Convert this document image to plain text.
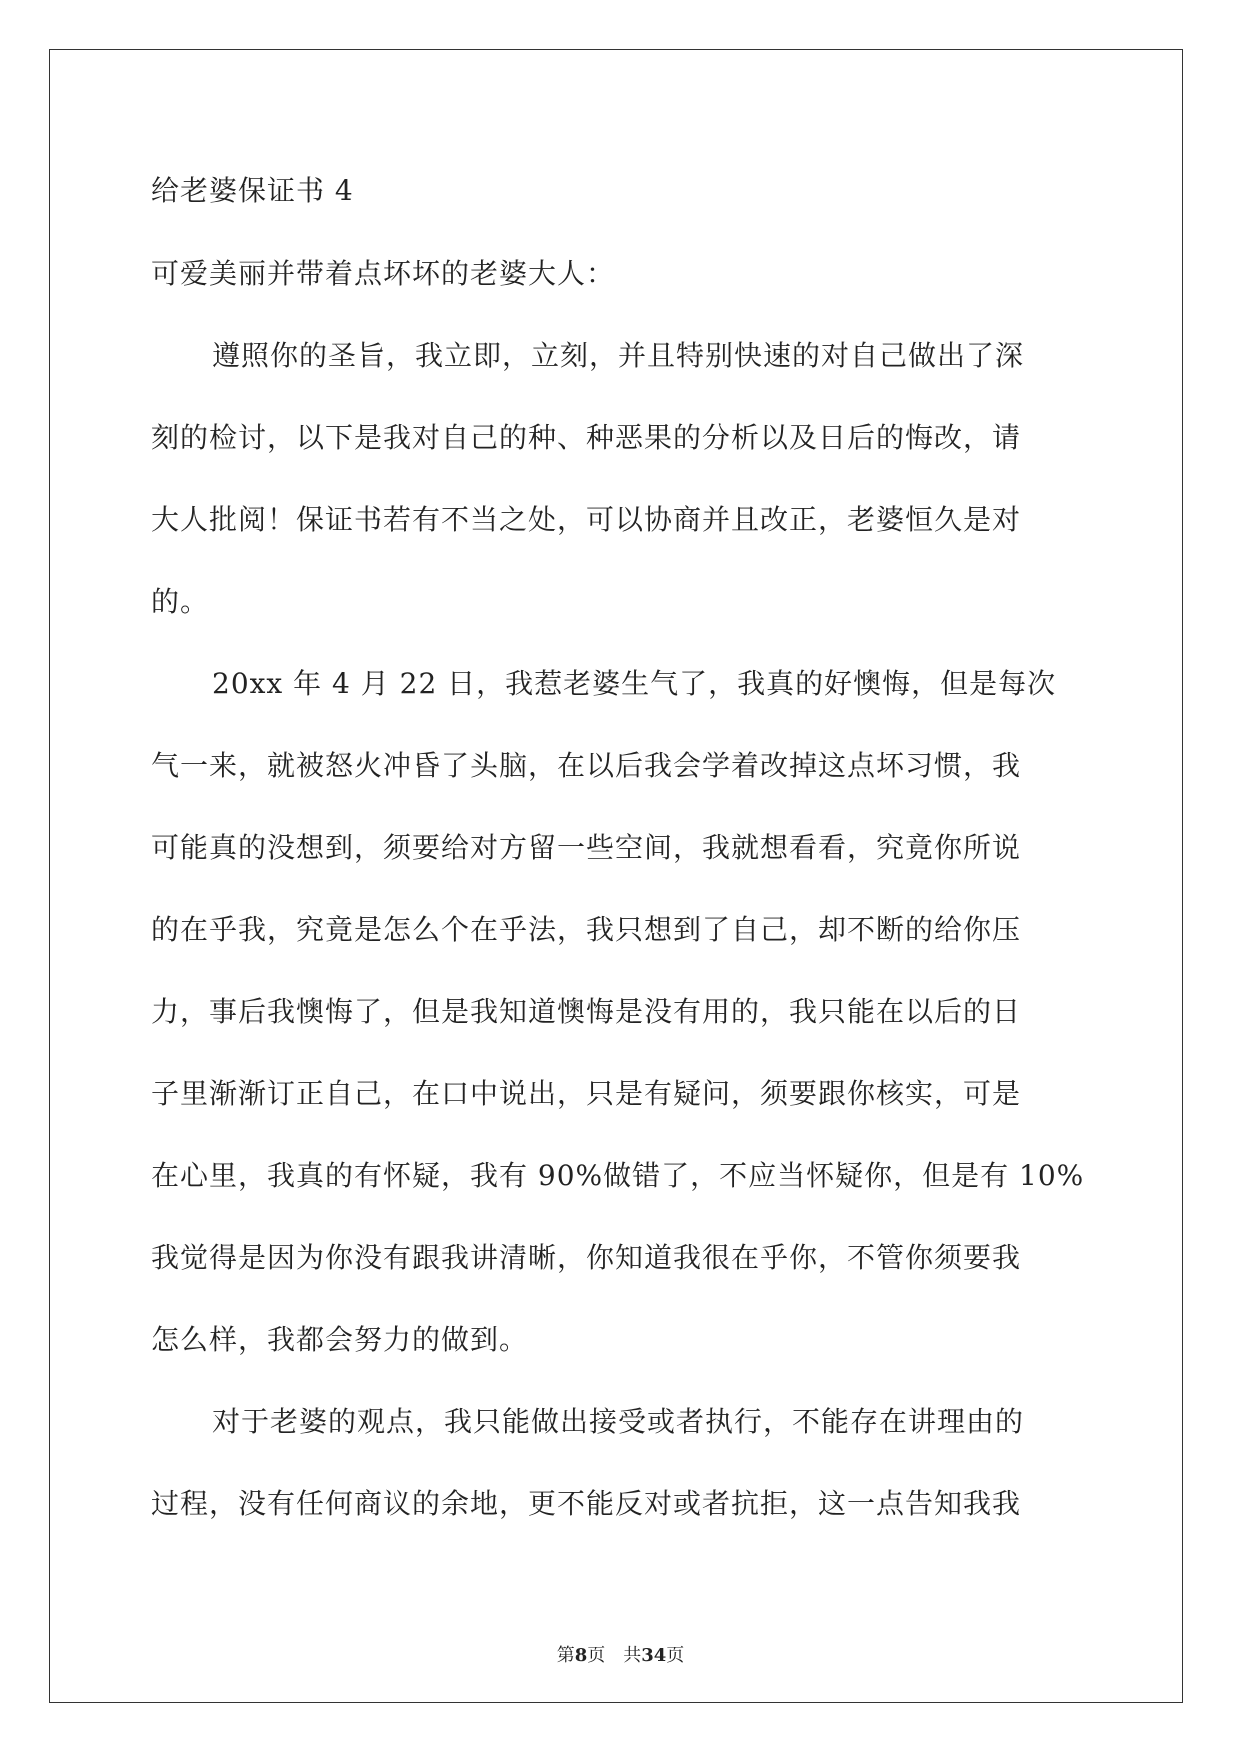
给老婆保证书 4
可爱美丽并带着点坏坏的老婆大人：
遵照你的圣旨，我立即，立刻，并且特别快速的对自己做出了深
刻的检讨，以下是我对自己的种、种恶果的分析以及日后的悔改，请
大人批阅！保证书若有不当之处，可以协商并且改正，老婆恒久是对
的。
20xx 年 4 月 22 日，我惹老婆生气了，我真的好懊悔，但是每次
气一来，就被怒火冲昏了头脑，在以后我会学着改掉这点坏习惯，我
可能真的没想到，须要给对方留一些空间，我就想看看，究竟你所说
的在乎我，究竟是怎么个在乎法，我只想到了自己，却不断的给你压
力，事后我懊悔了，但是我知道懊悔是没有用的，我只能在以后的日
子里渐渐订正自己，在口中说出，只是有疑问，须要跟你核实，可是
在心里，我真的有怀疑，我有 90%做错了，不应当怀疑你，但是有 10%
我觉得是因为你没有跟我讲清晰，你知道我很在乎你，不管你须要我
怎么样，我都会努力的做到。
对于老婆的观点，我只能做出接受或者执行，不能存在讲理由的
过程，没有任何商议的余地，更不能反对或者抗拒，这一点告知我我
第8页　共34页
